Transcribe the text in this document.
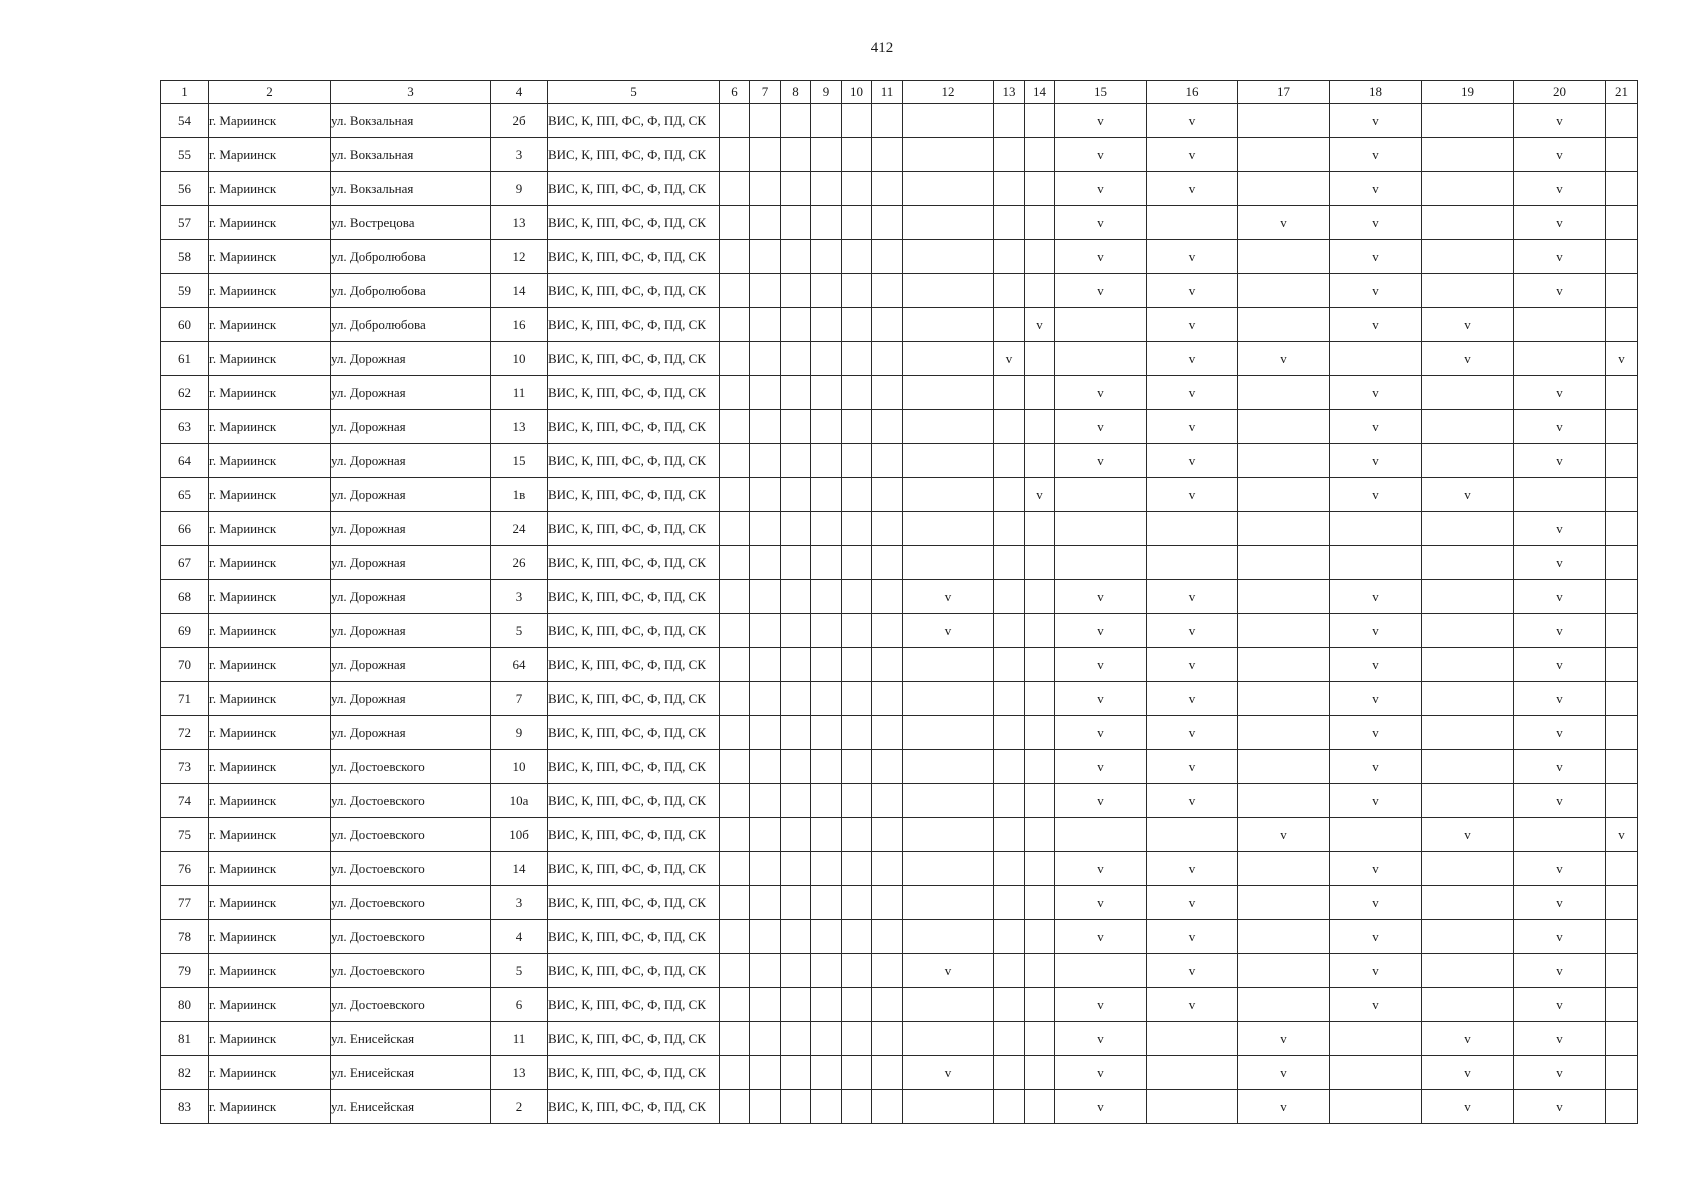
412
1	2	3	4	5	6	7	8	9	10	11	12	13	14	15	16	17	18	19	20	21
54	г. Мариинск	ул. Вокзальная	2б	ВИС, К, ПП, ФС, Ф, ПД, СК										v	v		v		v	
55	г. Мариинск	ул. Вокзальная	3	ВИС, К, ПП, ФС, Ф, ПД, СК										v	v		v		v	
56	г. Мариинск	ул. Вокзальная	9	ВИС, К, ПП, ФС, Ф, ПД, СК										v	v		v		v	
57	г. Мариинск	ул. Вострецова	13	ВИС, К, ПП, ФС, Ф, ПД, СК										v		v	v		v	
58	г. Мариинск	ул. Добролюбова	12	ВИС, К, ПП, ФС, Ф, ПД, СК										v	v		v		v	
59	г. Мариинск	ул. Добролюбова	14	ВИС, К, ПП, ФС, Ф, ПД, СК										v	v		v		v	
60	г. Мариинск	ул. Добролюбова	16	ВИС, К, ПП, ФС, Ф, ПД, СК									v		v		v	v		
61	г. Мариинск	ул. Дорожная	10	ВИС, К, ПП, ФС, Ф, ПД, СК								v			v	v		v		v
62	г. Мариинск	ул. Дорожная	11	ВИС, К, ПП, ФС, Ф, ПД, СК										v	v		v		v	
63	г. Мариинск	ул. Дорожная	13	ВИС, К, ПП, ФС, Ф, ПД, СК										v	v		v		v	
64	г. Мариинск	ул. Дорожная	15	ВИС, К, ПП, ФС, Ф, ПД, СК										v	v		v		v	
65	г. Мариинск	ул. Дорожная	1в	ВИС, К, ПП, ФС, Ф, ПД, СК									v		v		v	v		
66	г. Мариинск	ул. Дорожная	24	ВИС, К, ПП, ФС, Ф, ПД, СК															v	
67	г. Мариинск	ул. Дорожная	26	ВИС, К, ПП, ФС, Ф, ПД, СК															v	
68	г. Мариинск	ул. Дорожная	3	ВИС, К, ПП, ФС, Ф, ПД, СК							v			v	v		v		v	
69	г. Мариинск	ул. Дорожная	5	ВИС, К, ПП, ФС, Ф, ПД, СК							v			v	v		v		v	
70	г. Мариинск	ул. Дорожная	64	ВИС, К, ПП, ФС, Ф, ПД, СК										v	v		v		v	
71	г. Мариинск	ул. Дорожная	7	ВИС, К, ПП, ФС, Ф, ПД, СК										v	v		v		v	
72	г. Мариинск	ул. Дорожная	9	ВИС, К, ПП, ФС, Ф, ПД, СК										v	v		v		v	
73	г. Мариинск	ул. Достоевского	10	ВИС, К, ПП, ФС, Ф, ПД, СК										v	v		v		v	
74	г. Мариинск	ул. Достоевского	10а	ВИС, К, ПП, ФС, Ф, ПД, СК										v	v		v		v	
75	г. Мариинск	ул. Достоевского	10б	ВИС, К, ПП, ФС, Ф, ПД, СК												v		v		v
76	г. Мариинск	ул. Достоевского	14	ВИС, К, ПП, ФС, Ф, ПД, СК										v	v		v		v	
77	г. Мариинск	ул. Достоевского	3	ВИС, К, ПП, ФС, Ф, ПД, СК										v	v		v		v	
78	г. Мариинск	ул. Достоевского	4	ВИС, К, ПП, ФС, Ф, ПД, СК										v	v		v		v	
79	г. Мариинск	ул. Достоевского	5	ВИС, К, ПП, ФС, Ф, ПД, СК							v				v		v		v	
80	г. Мариинск	ул. Достоевского	6	ВИС, К, ПП, ФС, Ф, ПД, СК										v	v		v		v	
81	г. Мариинск	ул. Енисейская	11	ВИС, К, ПП, ФС, Ф, ПД, СК										v		v		v	v	
82	г. Мариинск	ул. Енисейская	13	ВИС, К, ПП, ФС, Ф, ПД, СК							v			v		v		v	v	
83	г. Мариинск	ул. Енисейская	2	ВИС, К, ПП, ФС, Ф, ПД, СК										v		v		v	v	
